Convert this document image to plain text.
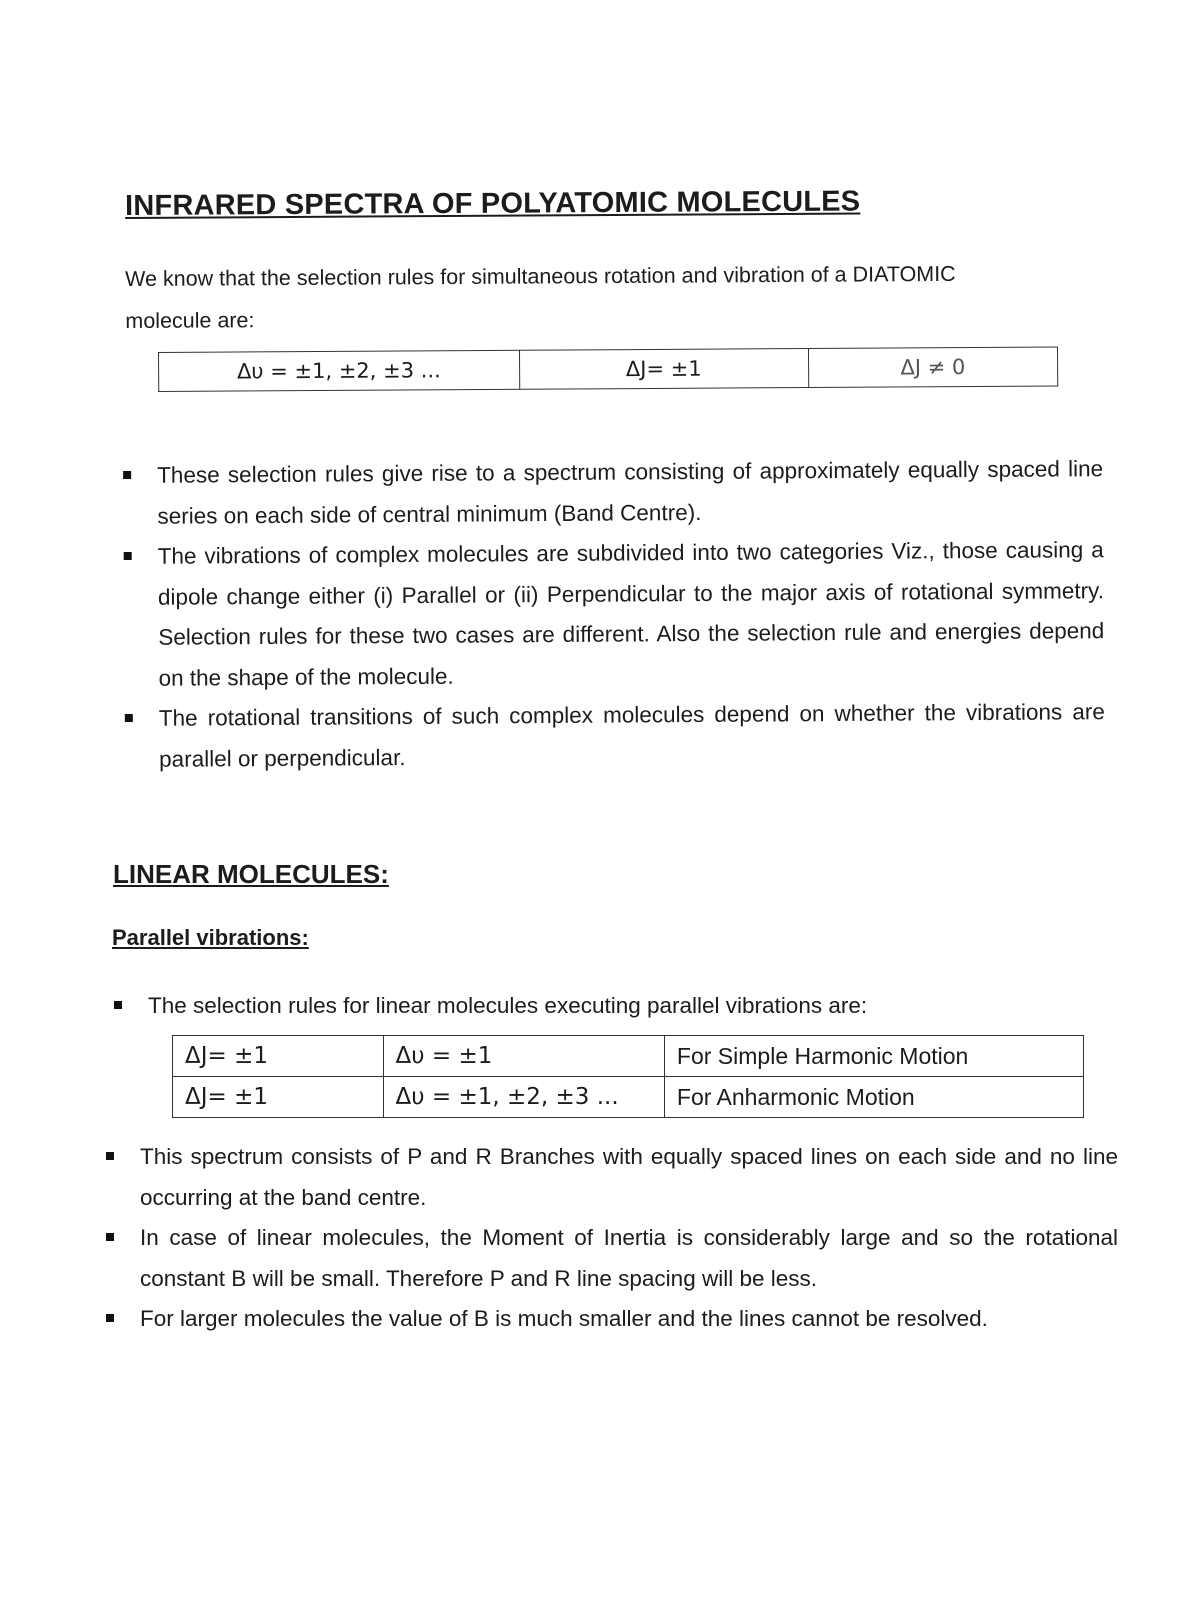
INFRARED SPECTRA OF POLYATOMIC MOLECULES

We know that the selection rules for simultaneous rotation and vibration of a DIATOMIC molecule are:

Δυ = ±1, ±2, ±3 ...	ΔJ= ±1	ΔJ ≠ 0
These selection rules give rise to a spectrum consisting of approximately equally spaced line series on each side of central minimum (Band Centre).
The vibrations of complex molecules are subdivided into two categories Viz., those causing a dipole change either (i) Parallel or (ii) Perpendicular to the major axis of rotational symmetry. Selection rules for these two cases are different. Also the selection rule and energies depend on the shape of the molecule.
The rotational transitions of such complex molecules depend on whether the vibrations are parallel or perpendicular.
LINEAR MOLECULES:
Parallel vibrations:
The selection rules for linear molecules executing parallel vibrations are:
ΔJ= ±1	Δυ = ±1	For Simple Harmonic Motion
ΔJ= ±1	Δυ = ±1, ±2, ±3 ...	For Anharmonic Motion
This spectrum consists of P and R Branches with equally spaced lines on each side and no line occurring at the band centre.
In case of linear molecules, the Moment of Inertia is considerably large and so the rotational constant B will be small. Therefore P and R line spacing will be less.
For larger molecules the value of B is much smaller and the lines cannot be resolved.
